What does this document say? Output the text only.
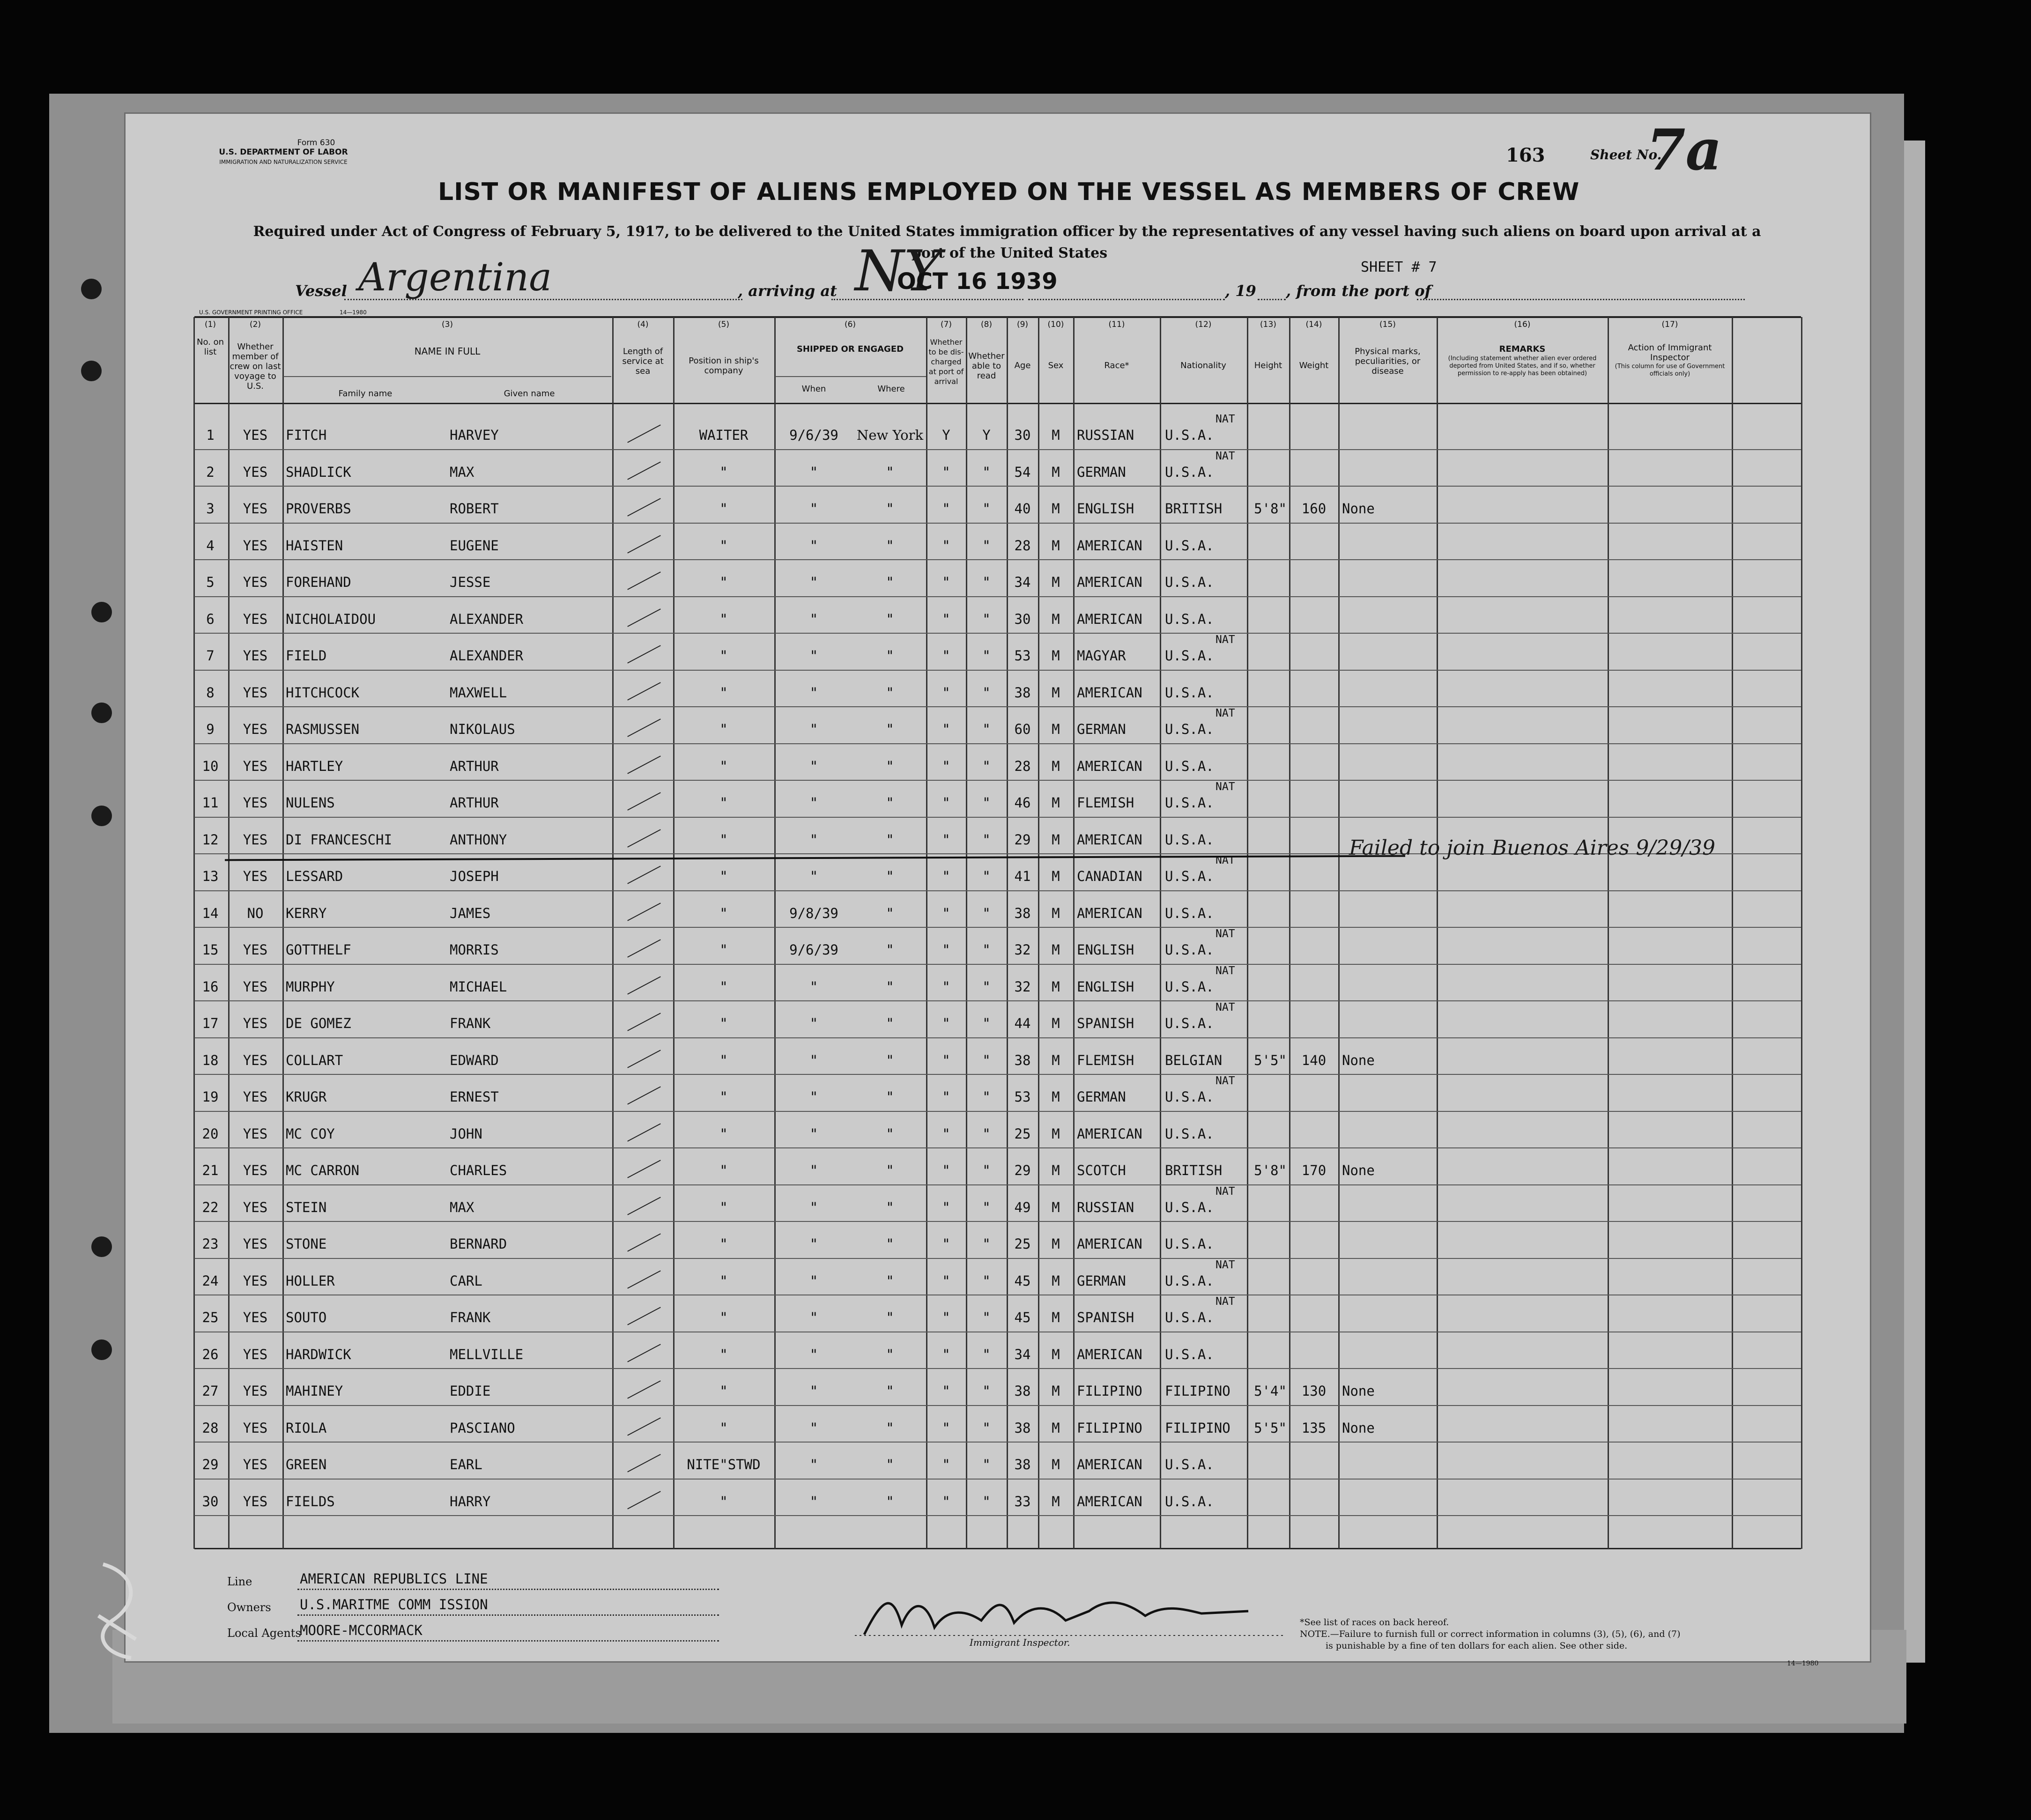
Form 630
U.S. DEPARTMENT OF LABOR
IMMIGRATION AND NATURALIZATION SERVICE	163	Sheet No.
7a
LIST OR MANIFEST OF ALIENS EMPLOYED ON THE VESSEL AS MEMBERS OF CREW
Required under Act of Congress of February 5, 1917, to be delivered to the United States immigration officer by the representatives of any vessel having such aliens on board upon arrival at a
port of the United States
Vessel Argentina	, arriving at NY
OCT 16 1939	, 19 , from the port of
SHEET # 7
U.S. GOVERNMENT PRINTING OFFICE	14—1980
(1)
No. on list
(2)
Whether member of crew on last voyage to U.S.
(3)
NAME IN FULL
Family name	Given name
(4)
Length of service at sea
(5)
Position in ship's company
(6)
SHIPPED OR ENGAGED
When	Where
(7)
Whether to be dis-charged at port of arrival
(8)
Whether able to read
(9)
Age
(10)
Sex
(11)
Race*
(12)
Nationality
(13)
Height
(14)
Weight
(15)
Physical marks, peculiarities, or disease
(16)
REMARKS
(Including statement whether alien ever ordered deported from United States, and if so, whether permission to re-apply has been obtained)
(17)
Action of Immigrant Inspector
(This column for use of Government officials only)
1	YES	FITCH	HARVEY	WAITER	9/6/39	New York	Y	Y	30	M	RUSSIAN	U.S.A.
NAT
2	YES	SHADLICK	MAX	"	"	"	"	"	54	M	GERMAN	U.S.A.
NAT
3	YES	PROVERBS	ROBERT	"	"	"	"	"	40	M	ENGLISH	BRITISH	5'8"	160	None
4	YES	HAISTEN	EUGENE	"	"	"	"	"	28	M	AMERICAN	U.S.A.
5	YES	FOREHAND	JESSE	"	"	"	"	"	34	M	AMERICAN	U.S.A.
6	YES	NICHOLAIDOU	ALEXANDER	"	"	"	"	"	30	M	AMERICAN	U.S.A.
7	YES	FIELD	ALEXANDER	"	"	"	"	"	53	M	MAGYAR	U.S.A.
NAT
8	YES	HITCHCOCK	MAXWELL	"	"	"	"	"	38	M	AMERICAN	U.S.A.
9	YES	RASMUSSEN	NIKOLAUS	"	"	"	"	"	60	M	GERMAN	U.S.A.
NAT
10	YES	HARTLEY	ARTHUR	"	"	"	"	"	28	M	AMERICAN	U.S.A.
11	YES	NULENS	ARTHUR	"	"	"	"	"	46	M	FLEMISH	U.S.A.
NAT
12	YES	DI FRANCESCHI	ANTHONY	"	"	"	"	"	29	M	AMERICAN	U.S.A.
13	YES	LESSARD	JOSEPH	"	"	"	"	"	41	M	CANADIAN	U.S.A.
NAT
14	NO	KERRY	JAMES	"	9/8/39	"	"	"	38	M	AMERICAN	U.S.A.
15	YES	GOTTHELF	MORRIS	"	9/6/39	"	"	"	32	M	ENGLISH	U.S.A.
NAT
16	YES	MURPHY	MICHAEL	"	"	"	"	"	32	M	ENGLISH	U.S.A.
NAT
17	YES	DE GOMEZ	FRANK	"	"	"	"	"	44	M	SPANISH	U.S.A.
NAT
18	YES	COLLART	EDWARD	"	"	"	"	"	38	M	FLEMISH	BELGIAN	5'5"	140	None
19	YES	KRUGR	ERNEST	"	"	"	"	"	53	M	GERMAN	U.S.A.
NAT
20	YES	MC COY	JOHN	"	"	"	"	"	25	M	AMERICAN	U.S.A.
21	YES	MC CARRON	CHARLES	"	"	"	"	"	29	M	SCOTCH	BRITISH	5'8"	170	None
22	YES	STEIN	MAX	"	"	"	"	"	49	M	RUSSIAN	U.S.A.
NAT
23	YES	STONE	BERNARD	"	"	"	"	"	25	M	AMERICAN	U.S.A.
24	YES	HOLLER	CARL	"	"	"	"	"	45	M	GERMAN	U.S.A.
NAT
25	YES	SOUTO	FRANK	"	"	"	"	"	45	M	SPANISH	U.S.A.
NAT
26	YES	HARDWICK	MELLVILLE	"	"	"	"	"	34	M	AMERICAN	U.S.A.
27	YES	MAHINEY	EDDIE	"	"	"	"	"	38	M	FILIPINO	FILIPINO	5'4"	130	None
28	YES	RIOLA	PASCIANO	"	"	"	"	"	38	M	FILIPINO	FILIPINO	5'5"	135	None
29	YES	GREEN	EARL	NITE"STWD	"	"	"	"	38	M	AMERICAN	U.S.A.
30	YES	FIELDS	HARRY	"	"	"	"	"	33	M	AMERICAN	U.S.A.
Failed to join Buenos Aires 9/29/39
Line	AMERICAN REPUBLICS LINE
Owners U.S.MARITME COMM ISSION
Local Agents
MOORE-MCCORMACK
Immigrant Inspector.
*See list of races on back hereof.
NOTE.—Failure to furnish full or correct information in columns (3), (5), (6), and (7)
is punishable by a fine of ten dollars for each alien. See other side.
14—1980
